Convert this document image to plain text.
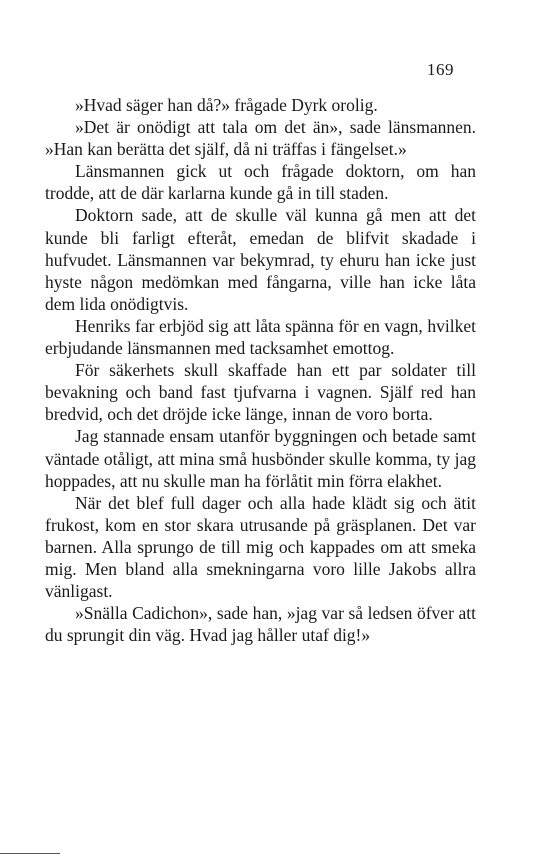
169

»Hvad säger han då?» frågade Dyrk orolig.

»Det är onödigt att tala om det än», sade länsmannen. »Han kan berätta det själf, då ni träffas i fängelset.»

Länsmannen gick ut och frågade doktorn, om han trodde, att de där karlarna kunde gå in till staden.

Doktorn sade, att de skulle väl kunna gå men att det kunde bli farligt efteråt, emedan de blifvit skadade i hufvudet. Länsmannen var bekymrad, ty ehuru han icke just hyste någon medömkan med fångarna, ville han icke låta dem lida onödigtvis.

Henriks far erbjöd sig att låta spänna för en vagn, hvilket erbjudande länsmannen med tacksamhet emottog.

För säkerhets skull skaffade han ett par soldater till bevakning och band fast tjufvarna i vagnen. Själf red han bredvid, och det dröjde icke länge, innan de voro borta.

Jag stannade ensam utanför byggningen och betade samt väntade otåligt, att mina små husbönder skulle komma, ty jag hoppades, att nu skulle man ha förlåtit min förra elakhet.

När det blef full dager och alla hade klädt sig och ätit frukost, kom en stor skara utrusande på gräsplanen. Det var barnen. Alla sprungo de till mig och kappades om att smeka mig. Men bland alla smekningarna voro lille Jakobs allra vänligast.

»Snälla Cadichon», sade han, »jag var så ledsen öfver att du sprungit din väg. Hvad jag håller utaf dig!»
